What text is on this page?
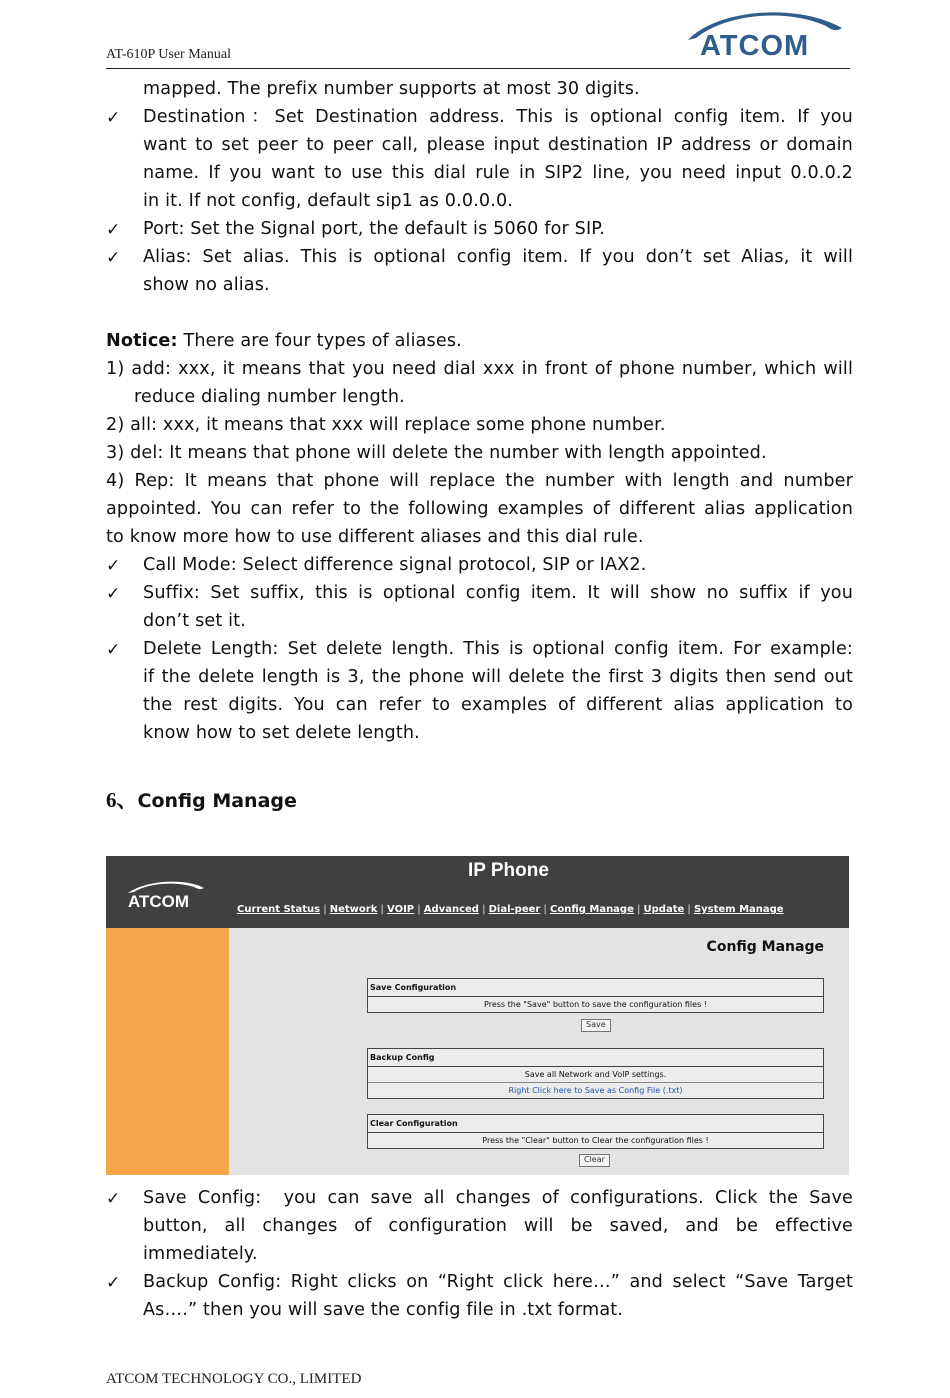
AT-610P User Manual	ATCOM
mapped. The prefix number supports at most 30 digits.
✓ Destination：Set Destination address. This is optional config item. If you
want to set peer to peer call, please input destination IP address or domain
name. If you want to use this dial rule in SIP2 line, you need input 0.0.0.2
in it. If not config, default sip1 as 0.0.0.0.
✓ Port: Set the Signal port, the default is 5060 for SIP.
✓ Alias: Set alias. This is optional config item. If you don’t set Alias, it will
show no alias.
Notice: There are four types of aliases.
1) add: xxx, it means that you need dial xxx in front of phone number, which will
reduce dialing number length.
2) all: xxx, it means that xxx will replace some phone number.
3) del: It means that phone will delete the number with length appointed.
4) Rep: It means that phone will replace the number with length and number
appointed. You can refer to the following examples of different alias application
to know more how to use different aliases and this dial rule.
✓ Call Mode: Select difference signal protocol, SIP or IAX2.
✓ Suffix: Set suffix, this is optional config item. It will show no suffix if you
don’t set it.
✓ Delete Length: Set delete length. This is optional config item. For example:
if the delete length is 3, the phone will delete the first 3 digits then send out
the rest digits. You can refer to examples of different alias application to
know how to set delete length.
6、Config Manage
IP Phone
ATCOM	Current Status | Network | VOIP | Advanced | Dial-peer | Config Manage | Update | System Manage
Config Manage
Save Configuration
Press the "Save" button to save the configuration files !
Save
Backup Config
Save all Network and VoIP settings.
Right Click here to Save as Config File (.txt)
Clear Configuration
Press the "Clear" button to Clear the configuration files !
Clear
✓ Save Config:  you can save all changes of configurations. Click the Save
button, all changes of configuration will be saved, and be effective
immediately.
✓ Backup Config: Right clicks on “Right click here…” and select “Save Target
As….” then you will save the config file in .txt format.
ATCOM TECHNOLOGY CO., LIMITED
